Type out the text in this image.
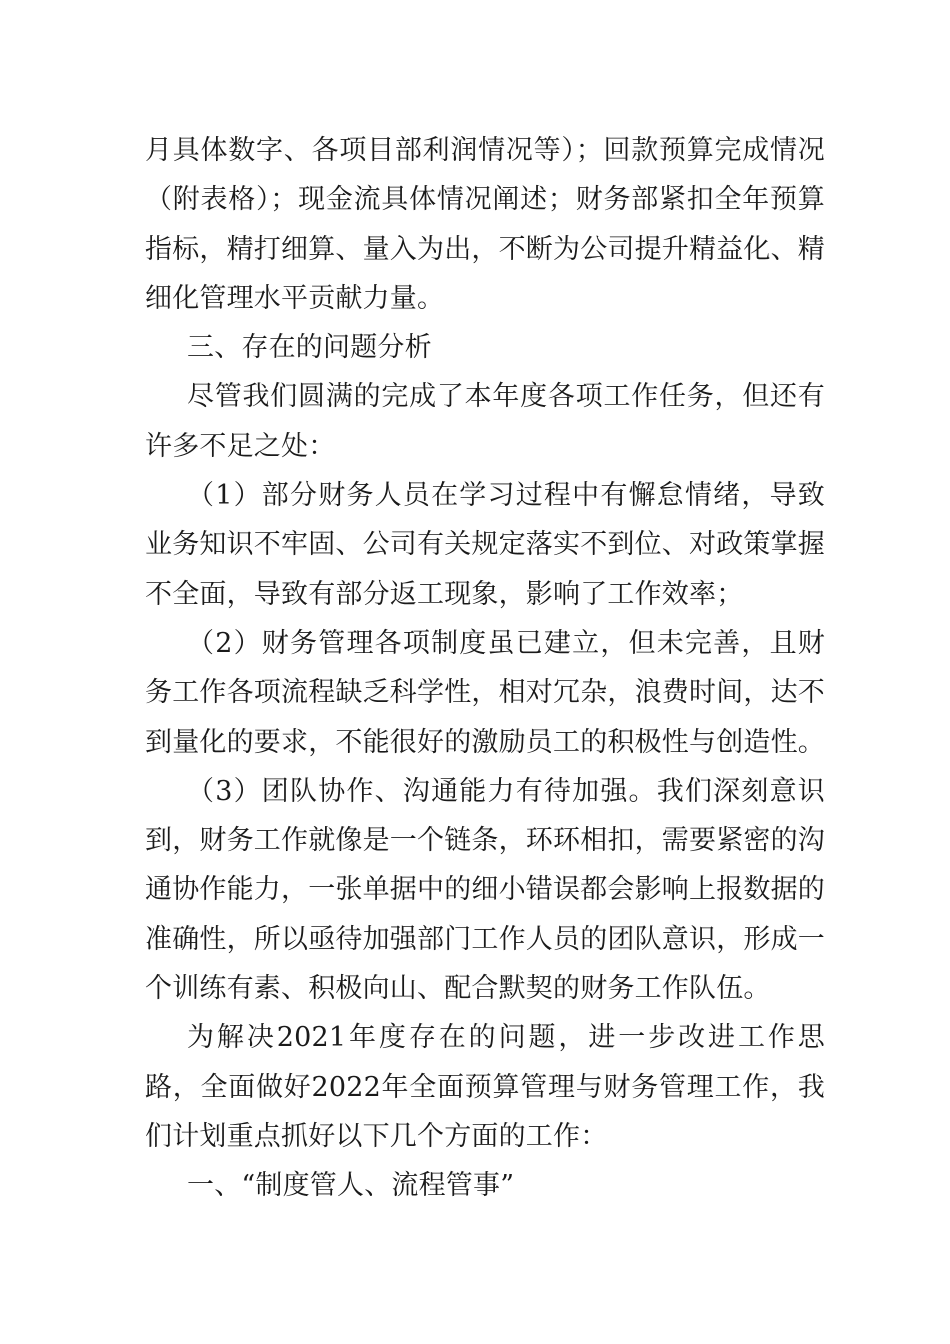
月具体数字、各项目部利润情况等）；回款预算完成情况（附表格）；现金流具体情况阐述；财务部紧扣全年预算指标，精打细算、量入为出，不断为公司提升精益化、精细化管理水平贡献力量。

三、存在的问题分析

尽管我们圆满的完成了本年度各项工作任务，但还有许多不足之处：

（1）部分财务人员在学习过程中有懈怠情绪，导致业务知识不牢固、公司有关规定落实不到位、对政策掌握不全面，导致有部分返工现象，影响了工作效率；

（2）财务管理各项制度虽已建立，但未完善，且财务工作各项流程缺乏科学性，相对冗杂，浪费时间，达不到量化的要求，不能很好的激励员工的积极性与创造性。

（3）团队协作、沟通能力有待加强。我们深刻意识到，财务工作就像是一个链条，环环相扣，需要紧密的沟通协作能力，一张单据中的细小错误都会影响上报数据的准确性，所以亟待加强部门工作人员的团队意识，形成一个训练有素、积极向山、配合默契的财务工作队伍。

为解决2021年度存在的问题，进一步改进工作思路，全面做好2022年全面预算管理与财务管理工作，我们计划重点抓好以下几个方面的工作：

一、“制度管人、流程管事”
